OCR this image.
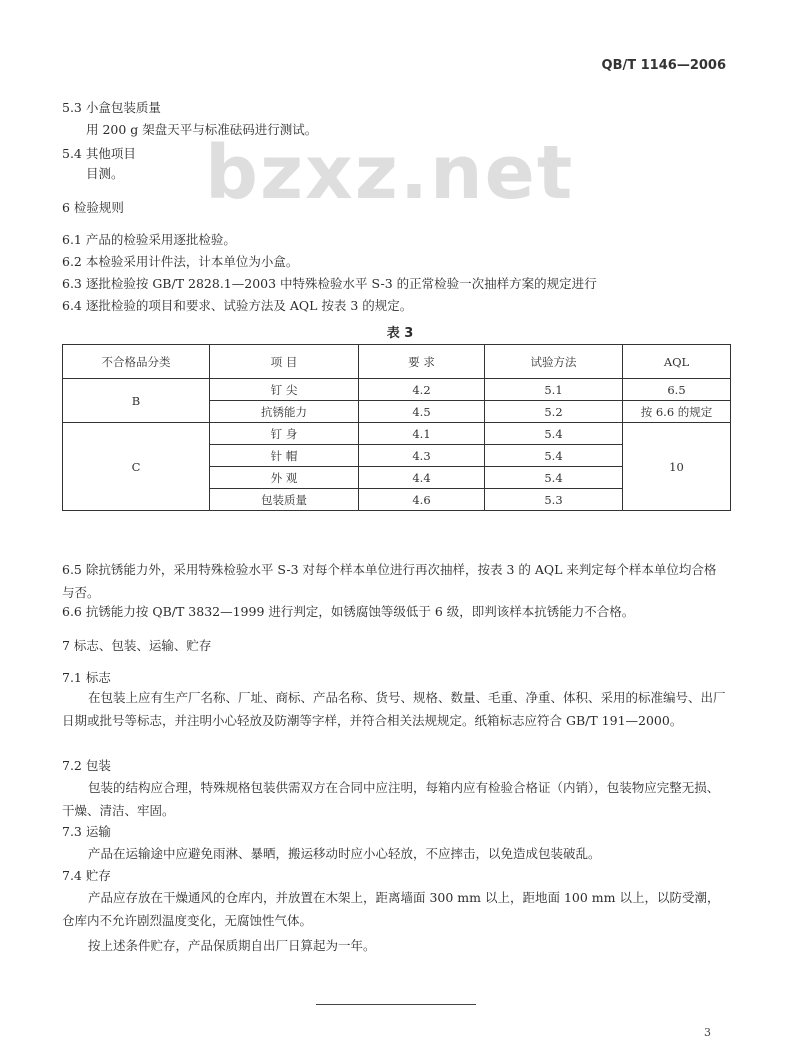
QB/T 1146—2006
bzxz.net
5.3 小盒包装质量
用 200 g 架盘天平与标准砝码进行测试。
5.4 其他项目
目测。
6 检验规则
6.1 产品的检验采用逐批检验。
6.2 本检验采用计件法，计本单位为小盒。
6.3 逐批检验按 GB/T 2828.1—2003 中特殊检验水平 S-3 的正常检验一次抽样方案的规定进行
6.4 逐批检验的项目和要求、试验方法及 AQL 按表 3 的规定。
表 3
不合格品分类	项 目	要 求	试验方法	AQL
B	钉 尖	4.2	5.1	6.5
	抗锈能力	4.5	5.2	按 6.6 的规定
C	钉 身	4.1	5.4	10
	针 帽	4.3	5.4	
	外 观	4.4	5.4	
	包装质量	4.6	5.3	
6.5 除抗锈能力外，采用特殊检验水平 S-3 对每个样本单位进行再次抽样，按表 3 的 AQL 来判定每个样本单位均合格与否。
6.6 抗锈能力按 QB/T 3832—1999 进行判定，如锈腐蚀等级低于 6 级，即判该样本抗锈能力不合格。
7 标志、包装、运输、贮存
7.1 标志
在包装上应有生产厂名称、厂址、商标、产品名称、货号、规格、数量、毛重、净重、体积、采用的标准编号、出厂日期或批号等标志，并注明小心轻放及防潮等字样，并符合相关法规规定。纸箱标志应符合 GB/T 191—2000。
7.2 包装
包装的结构应合理，特殊规格包装供需双方在合同中应注明，每箱内应有检验合格证（内销），包装物应完整无损、干燥、清洁、牢固。
7.3 运输
产品在运输途中应避免雨淋、暴晒，搬运移动时应小心轻放，不应摔击，以免造成包装破乱。
7.4 贮存
产品应存放在干燥通风的仓库内，并放置在木架上，距离墙面 300 mm 以上，距地面 100 mm 以上，以防受潮，仓库内不允许剧烈温度变化，无腐蚀性气体。
按上述条件贮存，产品保质期自出厂日算起为一年。
3
